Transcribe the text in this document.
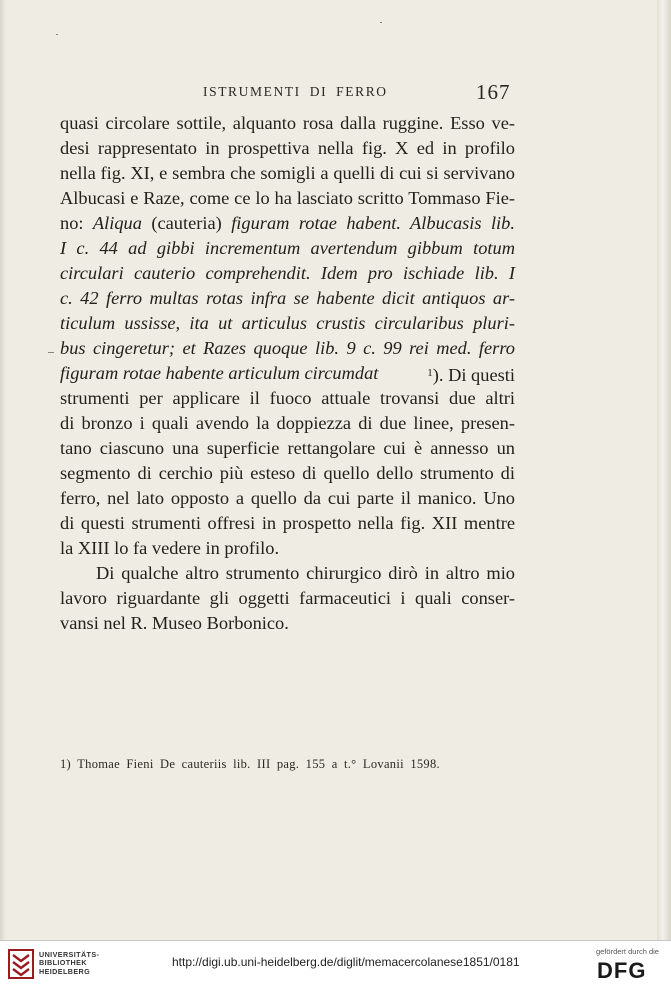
ISTRUMENTI DI FERRO	167
quasi circolare sottile, alquanto rosa dalla ruggine. Esso ve-
desi rappresentato in prospettiva nella fig. X ed in profilo
nella fig. XI, e sembra che somigli a quelli di cui si servivano
Albucasi e Raze, come ce lo ha lasciato scritto Tommaso Fie-
no: Aliqua (cauteria) figuram rotae habent. Albucasis lib.
I c. 44 ad gibbi incrementum avertendum gibbum totum
circulari cauterio comprehendit. Idem pro ischiade lib. I
c. 42 ferro multas rotas infra se habente dicit antiquos ar-
ticulum ussisse, ita ut articulus crustis circularibus pluri-
bus cingeretur; et Razes quoque lib. 9 c. 99 rei med. ferro
figuram rotae habente articulum circumdat	$^1$). Di questi
strumenti per applicare il fuoco attuale trovansi due altri
di bronzo i quali avendo la doppiezza di due linee, presen-
tano ciascuno una superficie rettangolare cui è annesso un
segmento di cerchio più esteso di quello dello strumento di
ferro, nel lato opposto a quello da cui parte il manico. Uno
di questi strumenti offresi in prospetto nella fig. XII mentre
la XIII lo fa vedere in profilo.
Di qualche altro strumento chirurgico dirò in altro mio
lavoro riguardante gli oggetti farmaceutici i quali conser-
vansi nel R. Museo Borbonico.
1) Thomae Fieni De cauteriis lib. III pag. 155 a t.° Lovanii 1598.
UNIVERSITÄTS-
BIBLIOTHEK
HEIDELBERG
http://digi.ub.uni-heidelberg.de/diglit/memacercolanese1851/0181
gefördert durch die
DFG
